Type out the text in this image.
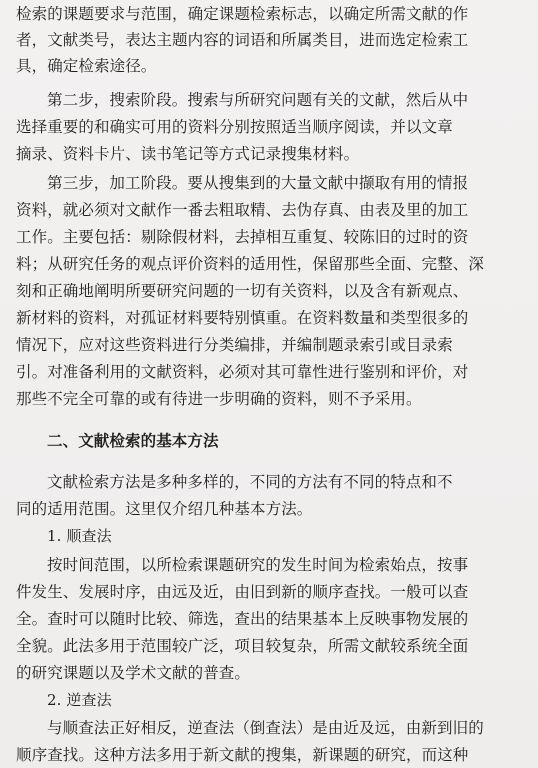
检索的课题要求与范围，确定课题检索标志，以确定所需文献的作
者，文献类号，表达主题内容的词语和所属类目，进而选定检索工
具，确定检索途径。
第二步，搜索阶段。搜索与所研究问题有关的文献，然后从中
选择重要的和确实可用的资料分别按照适当顺序阅读，并以文章
摘录、资料卡片、读书笔记等方式记录搜集材料。
第三步，加工阶段。要从搜集到的大量文献中撷取有用的情报
资料，就必须对文献作一番去粗取精、去伪存真、由表及里的加工
工作。主要包括：剔除假材料，去掉相互重复、较陈旧的过时的资
料；从研究任务的观点评价资料的适用性，保留那些全面、完整、深
刻和正确地阐明所要研究问题的一切有关资料，以及含有新观点、
新材料的资料，对孤证材料要特别慎重。在资料数量和类型很多的
情况下，应对这些资料进行分类编排，并编制题录索引或目录索
引。对准备利用的文献资料，必须对其可靠性进行鉴别和评价，对
那些不完全可靠的或有待进一步明确的资料，则不予采用。
二、文献检索的基本方法
文献检索方法是多种多样的，不同的方法有不同的特点和不
同的适用范围。这里仅介绍几种基本方法。
1. 顺查法
按时间范围，以所检索课题研究的发生时间为检索始点，按事
件发生、发展时序，由远及近，由旧到新的顺序查找。一般可以查
全。查时可以随时比较、筛选，查出的结果基本上反映事物发展的
全貌。此法多用于范围较广泛，项目较复杂，所需文献较系统全面
的研究课题以及学术文献的普查。
2. 逆查法
与顺查法正好相反，逆查法（倒查法）是由近及远，由新到旧的
顺序查找。这种方法多用于新文献的搜集，新课题的研究，而这种
